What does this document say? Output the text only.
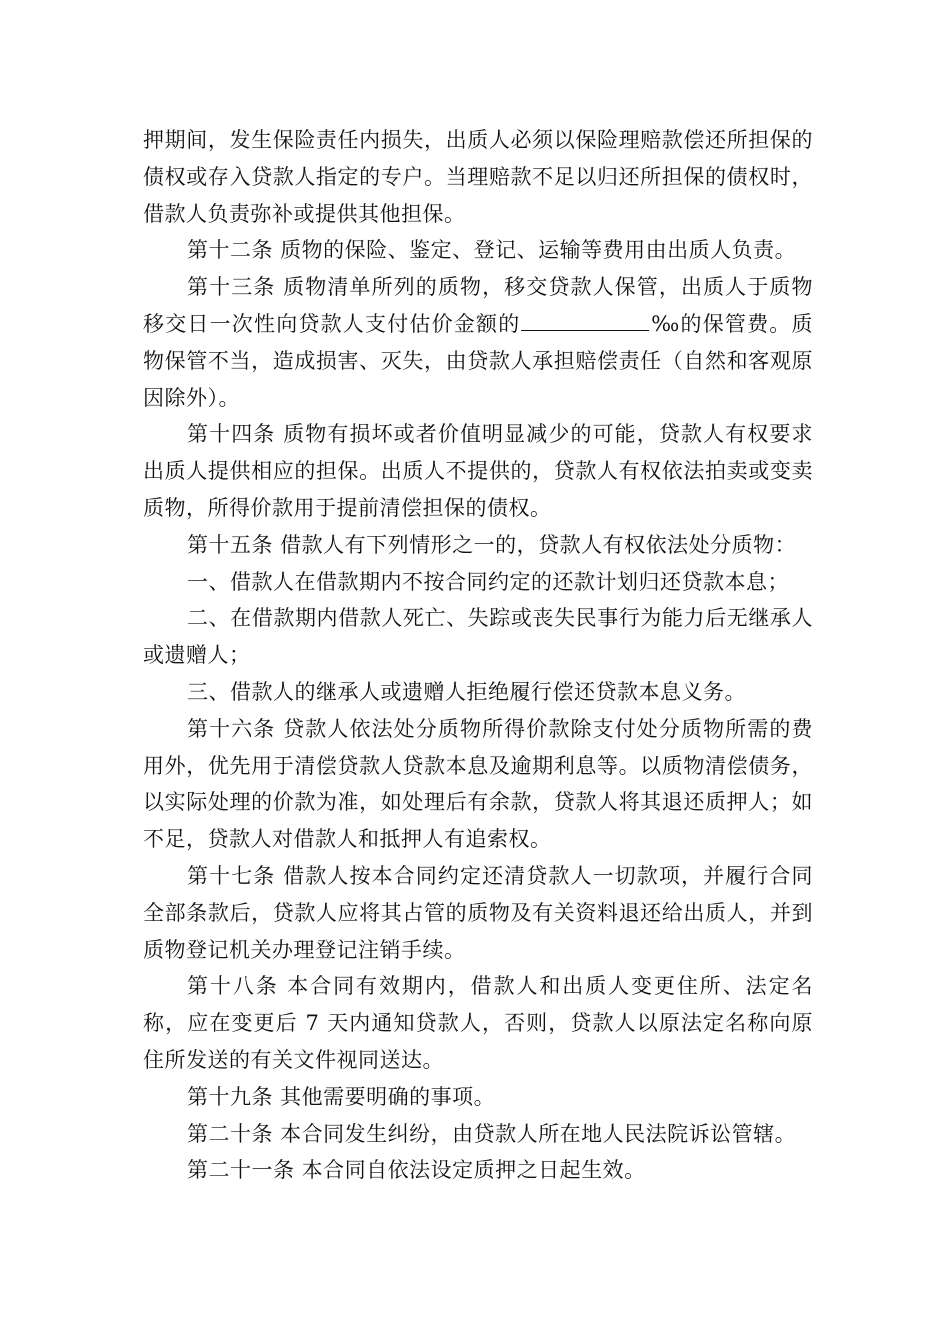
押期间，发生保险责任内损失，出质人必须以保险理赔款偿还所担保的债权或存入贷款人指定的专户。当理赔款不足以归还所担保的债权时，借款人负责弥补或提供其他担保。

第十二条 质物的保险、鉴定、登记、运输等费用由出质人负责。

第十三条 质物清单所列的质物，移交贷款人保管，出质人于质物移交日一次性向贷款人支付估价金额的	‰的保管费。质物保管不当，造成损害、灭失，由贷款人承担赔偿责任（自然和客观原因除外）。

第十四条 质物有损坏或者价值明显减少的可能，贷款人有权要求出质人提供相应的担保。出质人不提供的，贷款人有权依法拍卖或变卖质物，所得价款用于提前清偿担保的债权。

第十五条 借款人有下列情形之一的，贷款人有权依法处分质物：

一、借款人在借款期内不按合同约定的还款计划归还贷款本息；

二、在借款期内借款人死亡、失踪或丧失民事行为能力后无继承人或遗赠人；

三、借款人的继承人或遗赠人拒绝履行偿还贷款本息义务。

第十六条 贷款人依法处分质物所得价款除支付处分质物所需的费用外，优先用于清偿贷款人贷款本息及逾期利息等。以质物清偿债务，以实际处理的价款为准，如处理后有余款，贷款人将其退还质押人；如不足，贷款人对借款人和抵押人有追索权。

第十七条 借款人按本合同约定还清贷款人一切款项，并履行合同全部条款后，贷款人应将其占管的质物及有关资料退还给出质人，并到质物登记机关办理登记注销手续。

第十八条 本合同有效期内，借款人和出质人变更住所、法定名称，应在变更后 7 天内通知贷款人，否则，贷款人以原法定名称向原住所发送的有关文件视同送达。

第十九条 其他需要明确的事项。

第二十条 本合同发生纠纷，由贷款人所在地人民法院诉讼管辖。

第二十一条 本合同自依法设定质押之日起生效。
